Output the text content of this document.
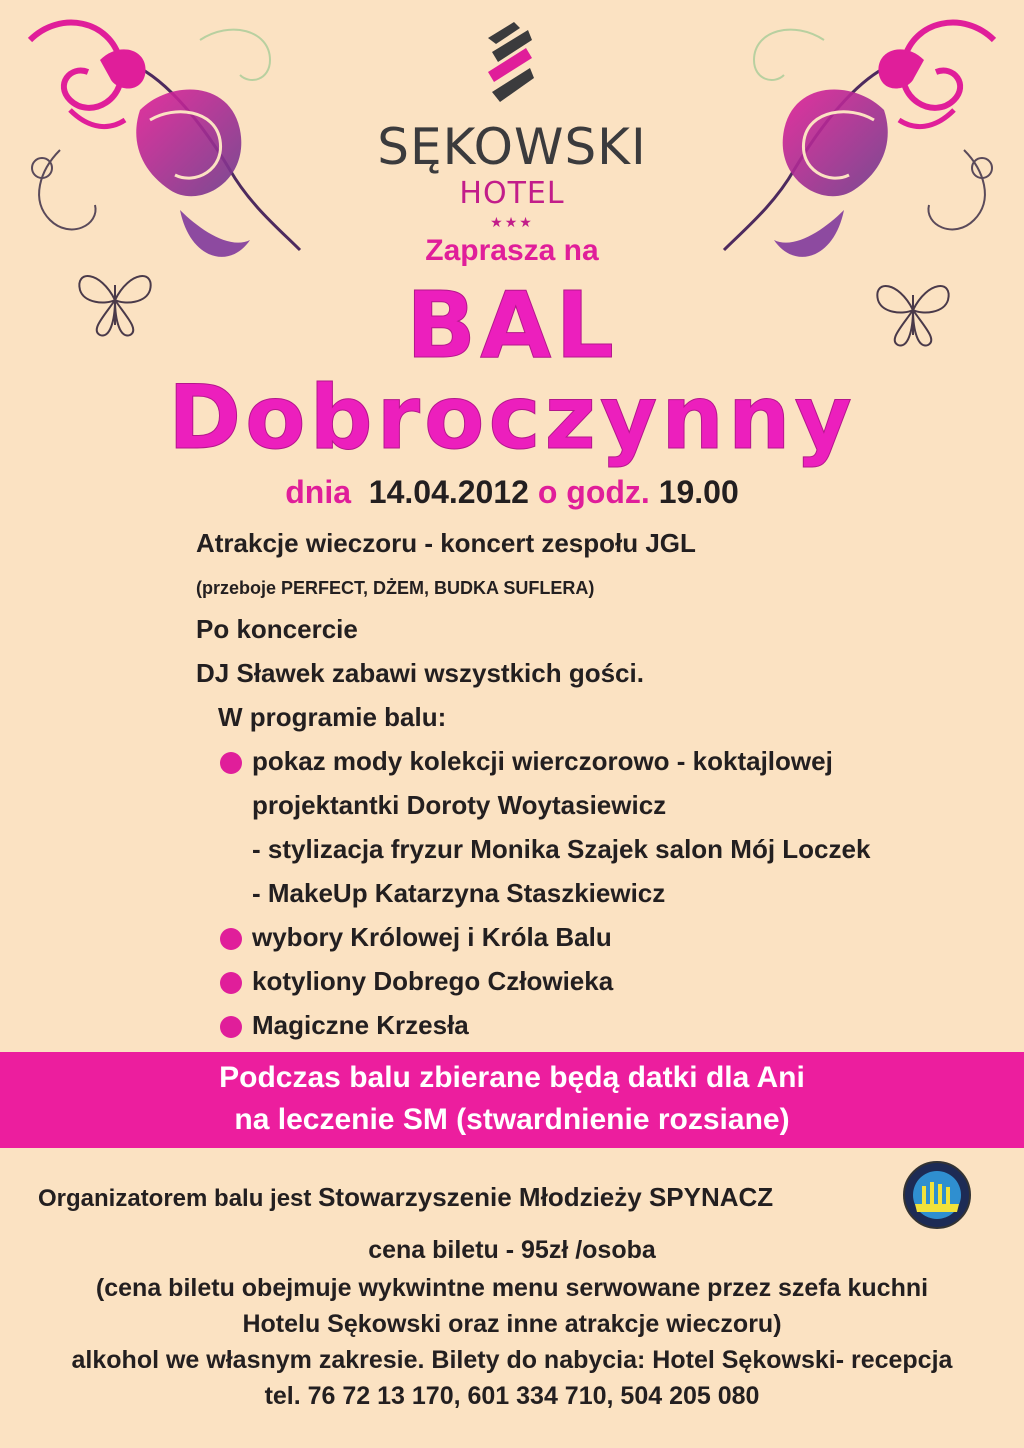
SĘKOWSKI
HOTEL
★★★
Zaprasza na
BAL
Dobroczynny
dnia 14.04.2012 o godz. 19.00
Atrakcje wieczoru - koncert zespołu JGL
(przeboje PERFECT, DŻEM, BUDKA SUFLERA)
Po koncercie
DJ Sławek zabawi wszystkich gości.
W programie balu:
pokaz mody kolekcji wierczorowo - koktajlowej
projektantki Doroty Woytasiewicz
- stylizacja fryzur Monika Szajek salon Mój Loczek
- MakeUp Katarzyna Staszkiewicz
wybory Królowej i Króla Balu
kotyliony Dobrego Człowieka
Magiczne Krzesła
Podczas balu zbierane będą datki dla Ani
na leczenie SM (stwardnienie rozsiane)
Organizatorem balu jest Stowarzyszenie Młodzieży SPYNACZ
cena biletu - 95zł /osoba
(cena biletu obejmuje wykwintne menu serwowane przez szefa kuchni
Hotelu Sękowski oraz inne atrakcje wieczoru)
alkohol we własnym zakresie. Bilety do nabycia: Hotel Sękowski- recepcja
tel. 76 72 13 170, 601 334 710, 504 205 080
